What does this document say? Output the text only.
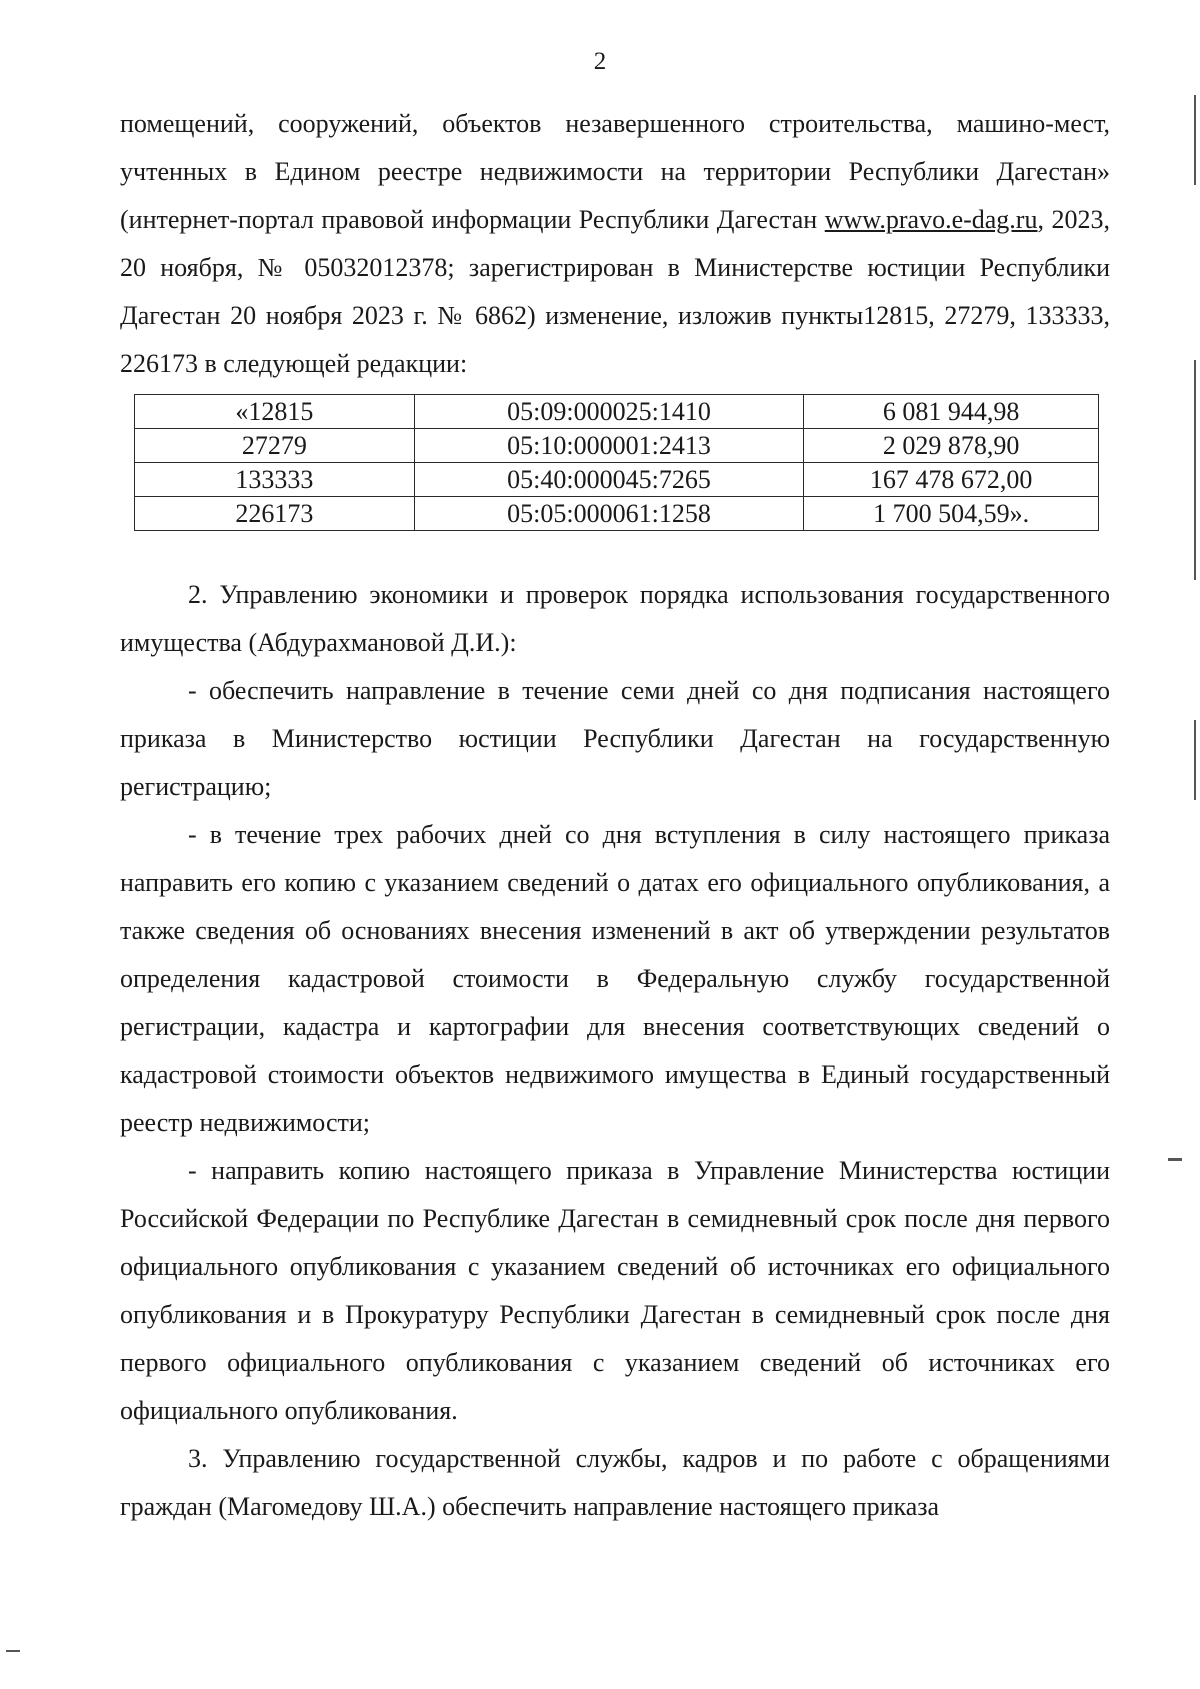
2

помещений, сооружений, объектов незавершенного строительства, машино-мест, учтенных в Едином реестре недвижимости на территории Республики Дагестан» (интернет-портал правовой информации Республики Дагестан www.pravo.e-dag.ru, 2023, 20 ноября, № 05032012378; зарегистрирован в Министерстве юстиции Республики Дагестан 20 ноября 2023 г. № 6862) изменение, изложив пункты12815, 27279, 133333, 226173 в следующей редакции:

«12815	05:09:000025:1410	6 081 944,98
27279	05:10:000001:2413	2 029 878,90
133333	05:40:000045:7265	167 478 672,00
226173	05:05:000061:1258	1 700 504,59».

2. Управлению экономики и проверок порядка использования государственного имущества (Абдурахмановой Д.И.):

- обеспечить направление в течение семи дней со дня подписания настоящего приказа в Министерство юстиции Республики Дагестан на государственную регистрацию;

- в течение трех рабочих дней со дня вступления в силу настоящего приказа направить его копию с указанием сведений о датах его официального опубликования, а также сведения об основаниях внесения изменений в акт об утверждении результатов определения кадастровой стоимости в Федеральную службу государственной регистрации, кадастра и картографии для внесения соответствующих сведений о кадастровой стоимости объектов недвижимого имущества в Единый государственный реестр недвижимости;

- направить копию настоящего приказа в Управление Министерства юстиции Российской Федерации по Республике Дагестан в семидневный срок после дня первого официального опубликования с указанием сведений об источниках его официального опубликования и в Прокуратуру Республики Дагестан в семидневный срок после дня первого официального опубликования с указанием сведений об источниках его официального опубликования.

3. Управлению государственной службы, кадров и по работе с обращениями граждан (Магомедову Ш.А.) обеспечить направление настоящего приказа
